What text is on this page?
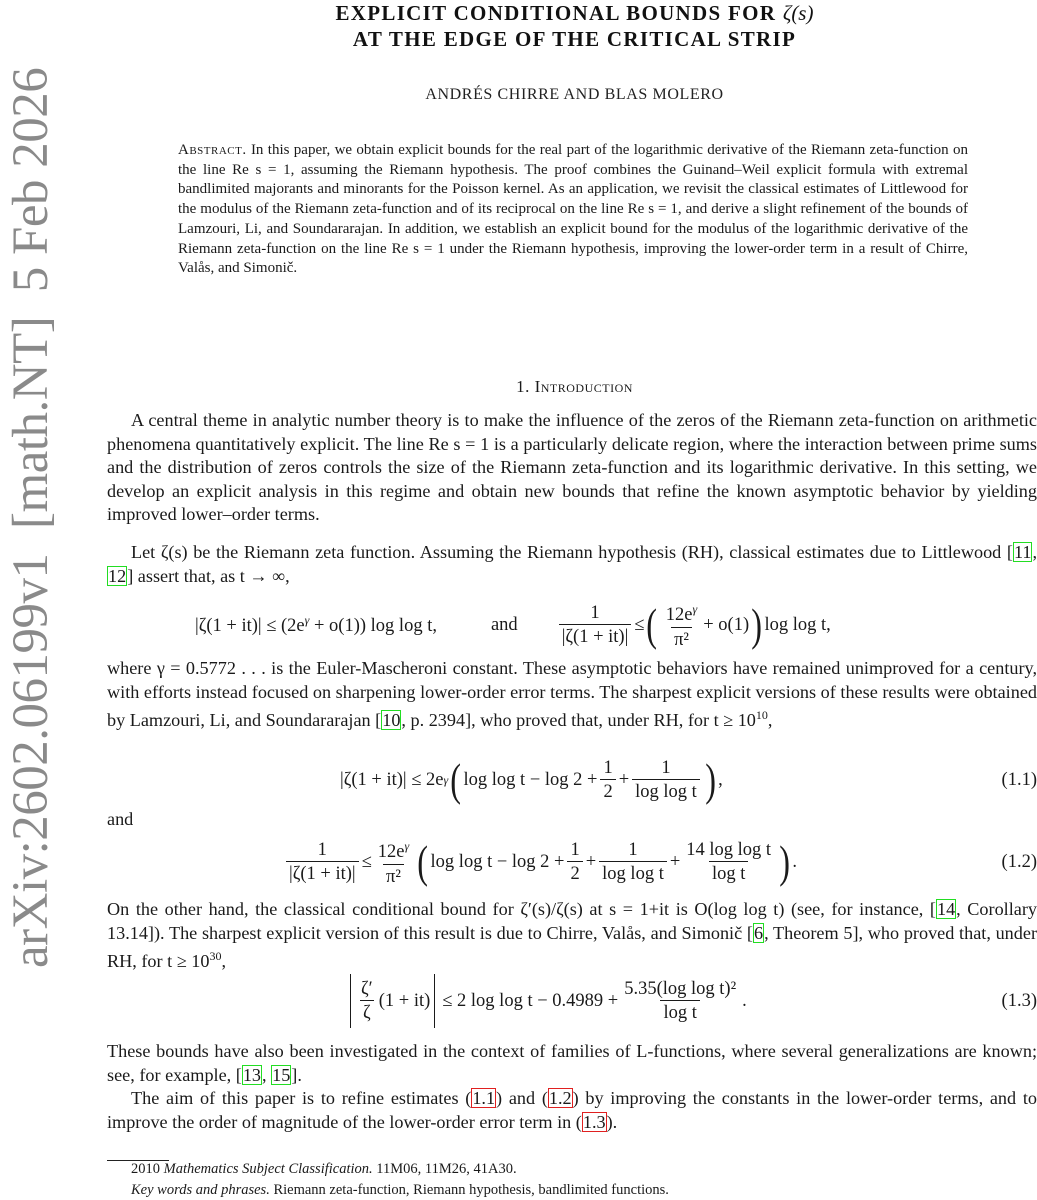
arXiv:2602.06199v1  [math.NT]  5 Feb 2026
EXPLICIT CONDITIONAL BOUNDS FOR ζ(s)
AT THE EDGE OF THE CRITICAL STRIP
ANDRÉS CHIRRE AND BLAS MOLERO
Abstract. In this paper, we obtain explicit bounds for the real part of the logarithmic derivative of the Riemann zeta-function on the line Re s = 1, assuming the Riemann hypothesis. The proof combines the Guinand–Weil explicit formula with extremal bandlimited majorants and minorants for the Poisson kernel. As an application, we revisit the classical estimates of Littlewood for the modulus of the Riemann zeta-function and of its reciprocal on the line Re s = 1, and derive a slight refinement of the bounds of Lamzouri, Li, and Soundararajan. In addition, we establish an explicit bound for the modulus of the logarithmic derivative of the Riemann zeta-function on the line Re s = 1 under the Riemann hypothesis, improving the lower-order term in a result of Chirre, Valås, and Simonič.
1. Introduction
A central theme in analytic number theory is to make the influence of the zeros of the Riemann zeta-function on arithmetic phenomena quantitatively explicit. The line Re s = 1 is a particularly delicate region, where the interaction between prime sums and the distribution of zeros controls the size of the Riemann zeta-function and its logarithmic derivative. In this setting, we develop an explicit analysis in this regime and obtain new bounds that refine the known asymptotic behavior by yielding improved lower–order terms.
Let ζ(s) be the Riemann zeta function. Assuming the Riemann hypothesis (RH), classical estimates due to Littlewood [11, 12] assert that, as t → ∞,
$|\zeta(1 + it)| \le (2e^\gamma + o(1))$ log log t,	and $\frac{1}{|\zeta(1 + it)|}$ ≤ ( $\frac{12e^\gamma}{\text{π²}} + o(1)$ ) log log t,
where γ = 0.5772 . . . is the Euler-Mascheroni constant. These asymptotic behaviors have remained unimproved for a century, with efforts instead focused on sharpening lower-order error terms. The sharpest explicit versions of these results were obtained by Lamzouri, Li, and Soundararajan [10, p. 2394], who proved that, under RH, for $t \ge 10^{10}$,
|ζ(1 + it)| ≤ 2e γ ( $\log \log t - \log 2 + \frac{1}{2} + \frac{1}{\text{log log t}}$ ) ,	(1.1)
and
$\frac{1}{|\zeta(1 + it)|} \le \frac{12e^\gamma}{\text{π²}}$ ( $\log \log t - \log 2 + \frac{1}{2} + \frac{1}{\text{log log t}} + \frac{\text{14 log log t}}{\text{log t}}$ ) .	(1.2)
On the other hand, the classical conditional bound for ζ′(s)/ζ(s) at s = 1+it is O(log log t) (see, for instance, [14, Corollary 13.14]). The sharpest explicit version of this result is due to Chirre, Valås, and Simonič [6, Theorem 5], who proved that, under RH, for $t \ge 10^{30}$,
$\frac{\zeta'}{\zeta} (1 + it) \le 2$ $\log \log t - 0.4989 + \frac{\text{5.35(log log t)²}}{\text{log t}}$ .	(1.3)
These bounds have also been investigated in the context of families of L-functions, where several generalizations are known; see, for example, [13, 15].
The aim of this paper is to refine estimates (1.1) and (1.2) by improving the constants in the lower-order terms, and to improve the order of magnitude of the lower-order error term in (1.3).
2010 Mathematics Subject Classification. 11M06, 11M26, 41A30.
Key words and phrases. Riemann zeta-function, Riemann hypothesis, bandlimited functions.
